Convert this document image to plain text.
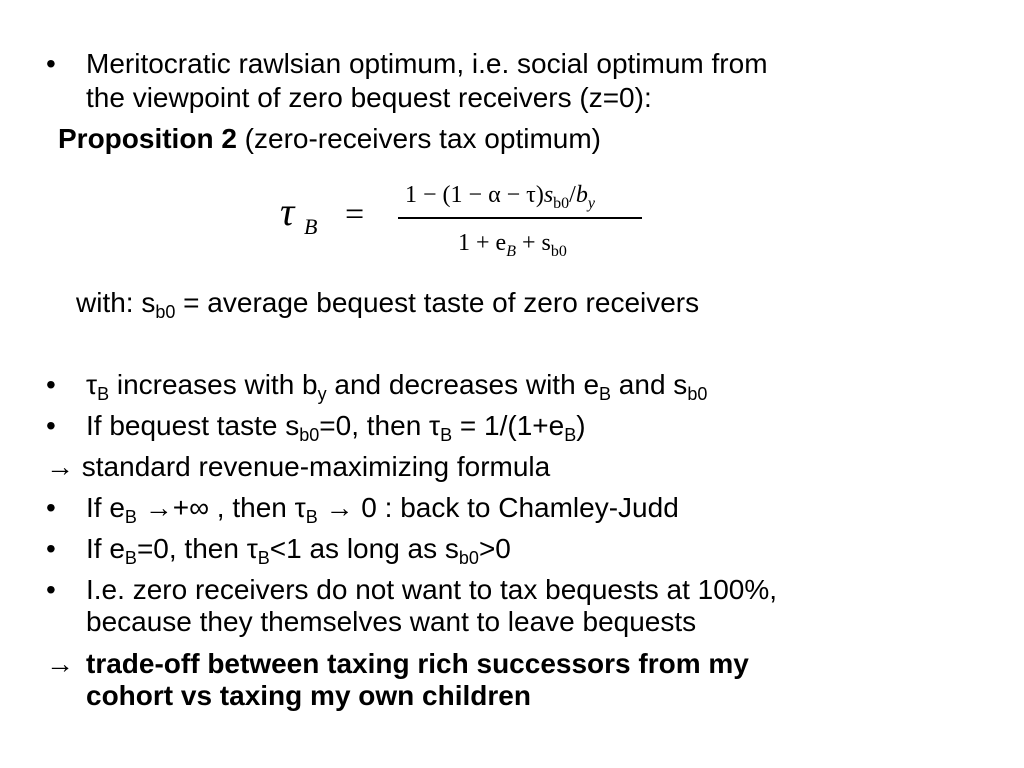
• Meritocratic rawlsian optimum, i.e. social optimum from
the viewpoint of zero bequest receivers (z=0):
Proposition 2 (zero-receivers tax optimum)
τ B =
$1 - (1 - \alpha - \tau)s_{b0}/b_y$
$1 + e_B + s_{b0}$
with: $s_{b0}$ = average bequest taste of zero receivers
• $\tau_B$ increases with $b_y$ and decreases with $e_B$ and $s_{b0}$
• If bequest taste $s_{b0}=0$, then $\tau_B = 1/(1+e_B)$
→ standard revenue-maximizing formula
• If $e_B$ →+∞ , then $\tau_B \to 0$ : back to Chamley-Judd
• If $e_B=0$, then $\tau_B<1$ as long as $s_{b0}>0$
• I.e. zero receivers do not want to tax bequests at 100%,
because they themselves want to leave bequests
→ trade-off between taxing rich successors from my
cohort vs taxing my own children
